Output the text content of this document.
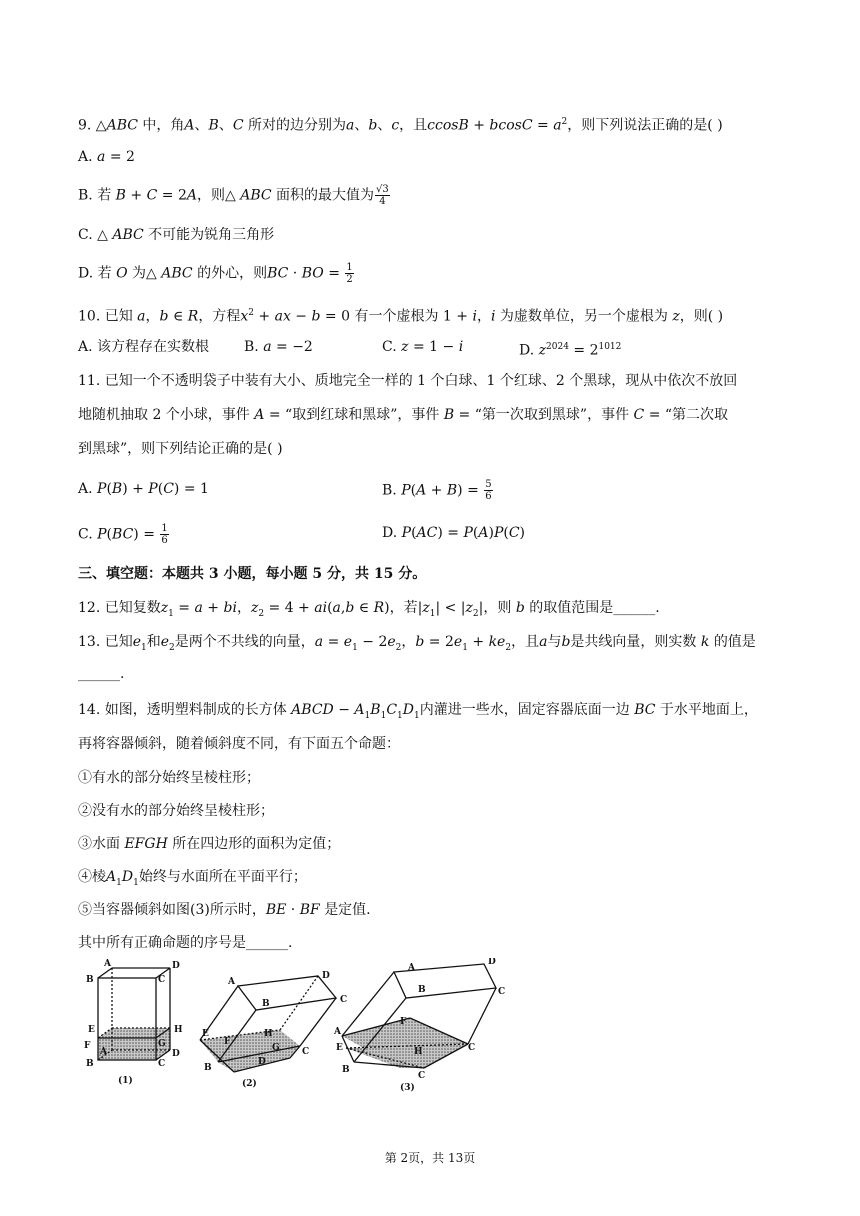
9. △ABC 中，角A、B、C 所对的边分别为a、b、c，且$ccosB + bcosC = a^2$，则下列说法正确的是( )
A. a = 2
B. 若 B + C = 2A，则△ ABC 面积的最大值为 $\frac{√3}{4}$
C. △ ABC 不可能为锐角三角形
D. 若 O 为△ ABC 的外心，则BC · BO = $\frac{1}{2}$
10. 已知 a，b ∈ R，方程$x^2$ + ax − b = 0 有一个虚根为 1 + i，i 为虚数单位，另一个虚根为 z，则( )
A. 该方程存在实数根 B. a = −2	C. z = 1 − i	D. $z^{2024} = 2^{1012}$
11. 已知一个不透明袋子中装有大小、质地完全一样的 1 个白球、1 个红球、2 个黑球，现从中依次不放回
地随机抽取 2 个小球，事件 A = “取到红球和黑球”，事件 B = “第一次取到黑球”，事件 C = “第二次取
到黑球”，则下列结论正确的是( )
A. P(B) + P(C) = 1	B. $P(A + B) = \frac{5}{6}$
C. $P(BC) = \frac{1}{6}$	D. P(AC) = P(A)P(C)
三、填空题：本题共 3 小题，每小题 5 分，共 15 分。
12. 已知复数$z_1 = a$ + bi，$z_2 = 4 + ai(a,b$ ∈ R)，若$|z_1| < |z_2|$，则 b 的取值范围是______.
13. 已知$e_1$和$e_2$是两个不共线的向量，$a = e_1 - 2e_2$，$b = 2e_1 + ke_2$，且a与b是共线向量，则实数 k 的值是
______.
14. 如图，透明塑料制成的长方体 ABCD − $A_1B_1C_1D_1$内灌进一些水，固定容器底面一边 BC 于水平地面上，
再将容器倾斜，随着倾斜度不同，有下面五个命题：
①有水的部分始终呈棱柱形；
②没有水的部分始终呈棱柱形；
③水面 EFGH 所在四边形的面积为定值；
④棱$A_1D_1$始终与水面所在平面平行；
⑤当容器倾斜如图(3)所示时，BE · BF 是定值.
其中所有正确命题的序号是______.
A	D
B	C
E	H
F	G
B
D
A
C
(1)
A
D
B	C
E
F
H
G
B
D
C
(2)
A
D
B	C
A
F
E	H	C
B
C
(3)
第 2页，共 13页
